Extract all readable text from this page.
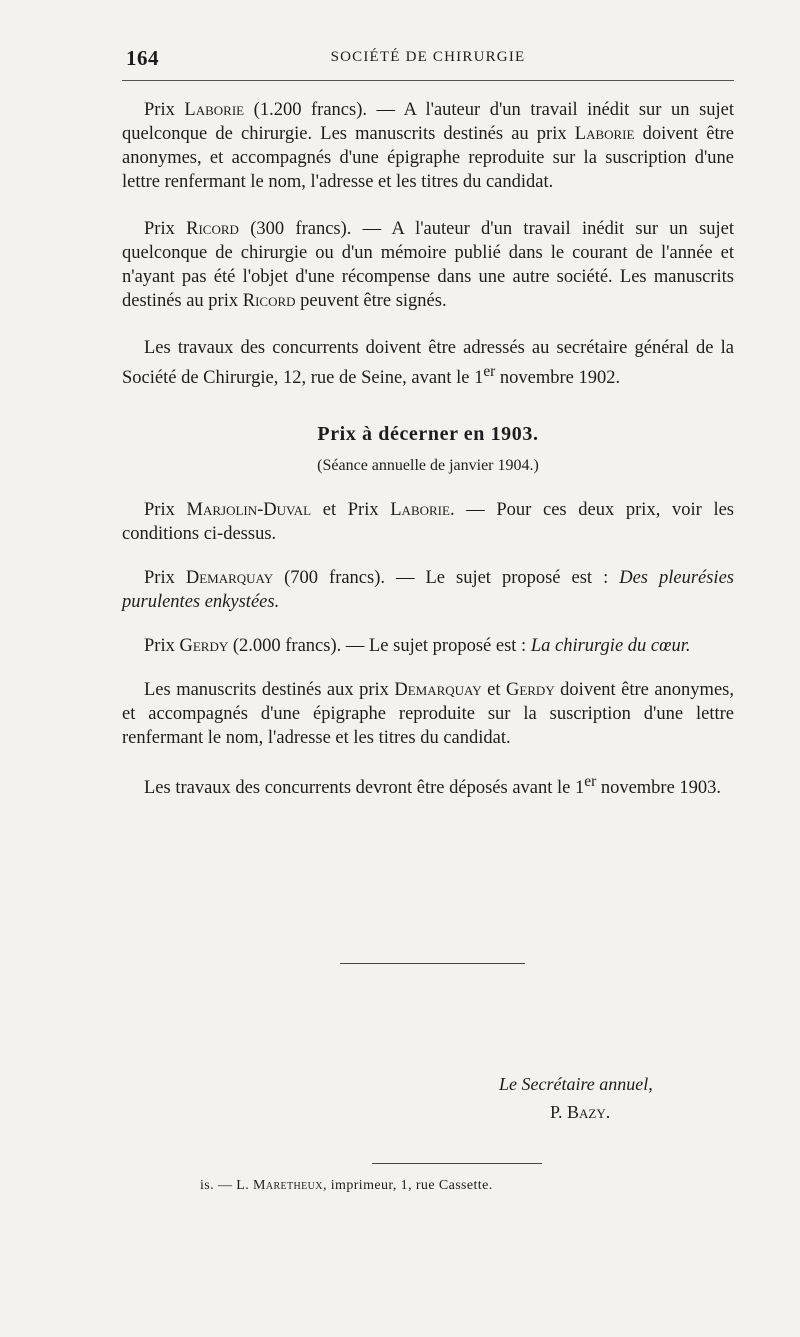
164	SOCIÉTÉ DE CHIRURGIE

Prix Laborie (1.200 francs). — A l'auteur d'un travail inédit sur un sujet quelconque de chirurgie. Les manuscrits destinés au prix Laborie doivent être anonymes, et accompagnés d'une épigraphe reproduite sur la suscription d'une lettre renfermant le nom, l'adresse et les titres du candidat.

Prix Ricord (300 francs). — A l'auteur d'un travail inédit sur un sujet quelconque de chirurgie ou d'un mémoire publié dans le courant de l'année et n'ayant pas été l'objet d'une récompense dans une autre société. Les manuscrits destinés au prix Ricord peuvent être signés.

Les travaux des concurrents doivent être adressés au secrétaire général de la Société de Chirurgie, 12, rue de Seine, avant le 1er novembre 1902.

Prix à décerner en 1903.
(Séance annuelle de janvier 1904.)

Prix Marjolin-Duval et Prix Laborie. — Pour ces deux prix, voir les conditions ci-dessus.

Prix Demarquay (700 francs). — Le sujet proposé est : Des pleurésies purulentes enkystées.

Prix Gerdy (2.000 francs). — Le sujet proposé est : La chirurgie du cœur.

Les manuscrits destinés aux prix Demarquay et Gerdy doivent être anonymes, et accompagnés d'une épigraphe reproduite sur la suscription d'une lettre renfermant le nom, l'adresse et les titres du candidat.

Les travaux des concurrents devront être déposés avant le 1er novembre 1903.

Le Secrétaire annuel,
P. Bazy.
is. — L. Maretheux, imprimeur, 1, rue Cassette.
